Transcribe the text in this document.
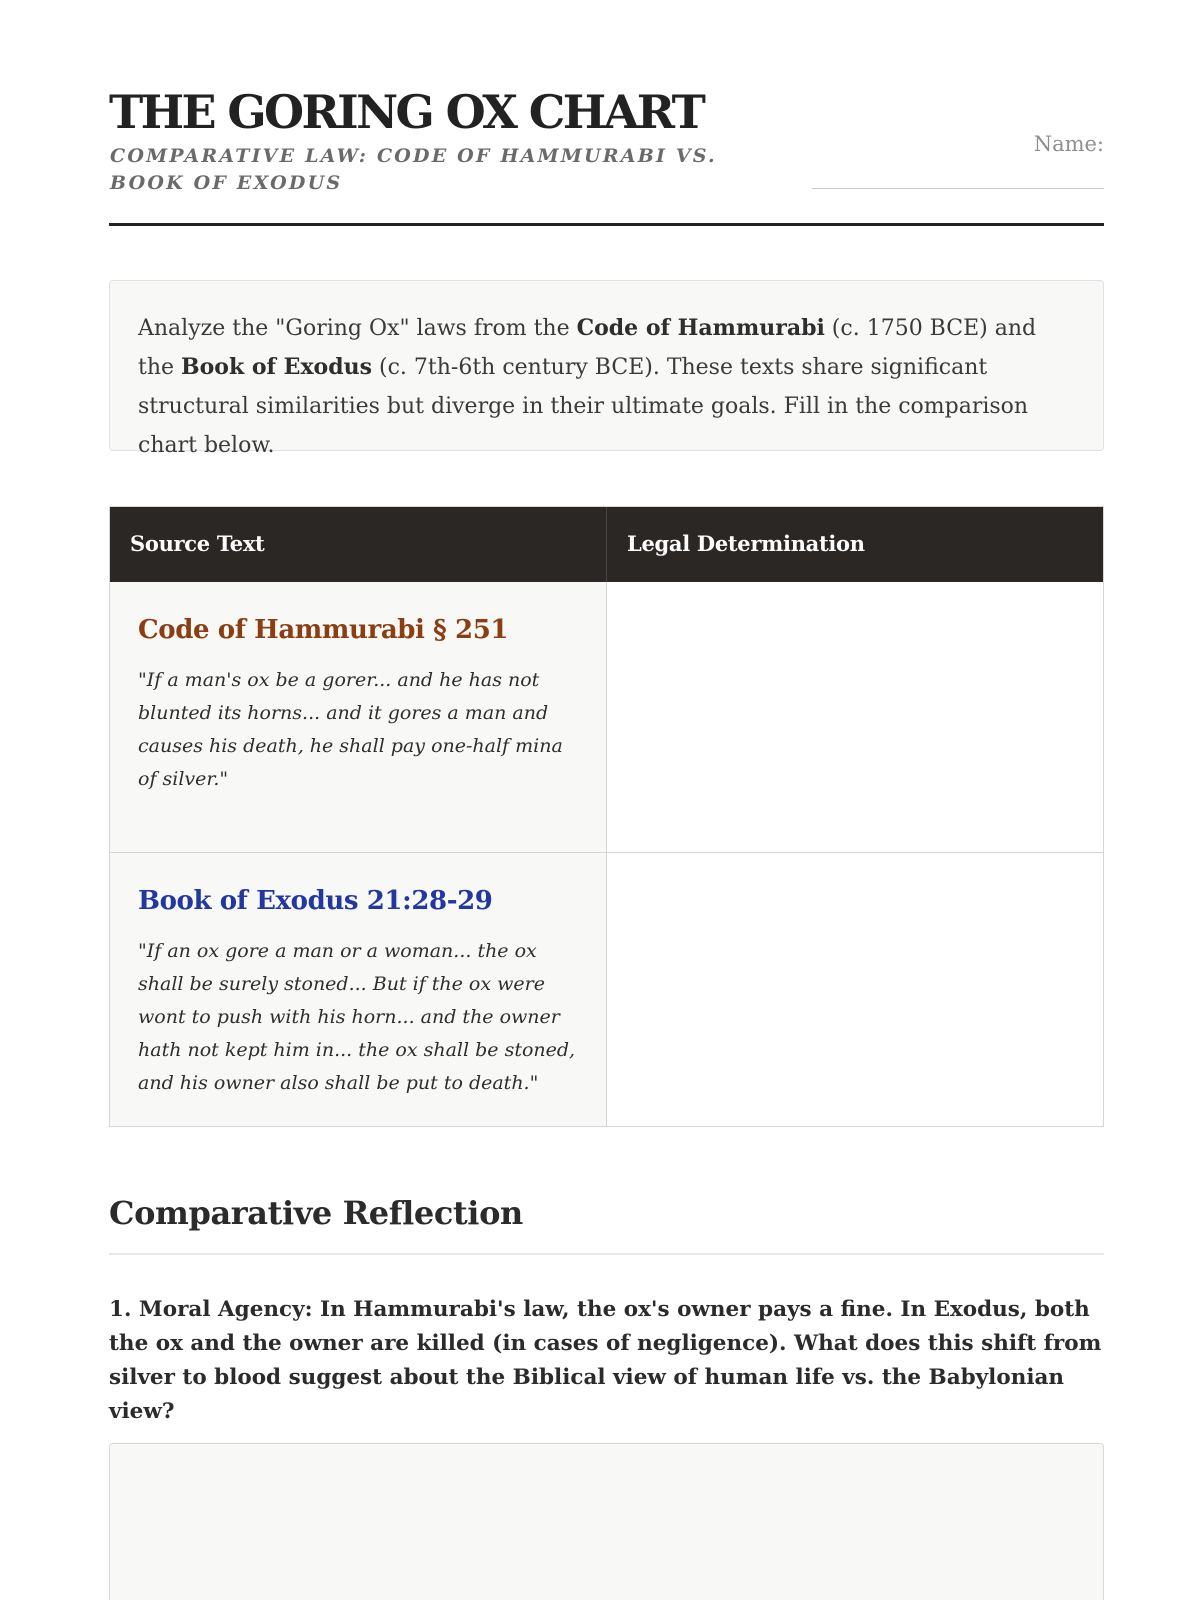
THE GORING OX CHART
COMPARATIVE LAW: CODE OF HAMMURABI VS. BOOK OF EXODUS
Name:
Analyze the "Goring Ox" laws from the Code of Hammurabi (c. 1750 BCE) and the Book of Exodus (c. 7th-6th century BCE). These texts share significant structural similarities but diverge in their ultimate goals. Fill in the comparison chart below.
Source Text	Legal Determination
Code of Hammurabi § 251
"If a man's ox be a gorer... and he has not blunted its horns... and it gores a man and causes his death, he shall pay one-half mina of silver."
Book of Exodus 21:28-29
"If an ox gore a man or a woman... the ox shall be surely stoned... But if the ox were wont to push with his horn... and the owner hath not kept him in... the ox shall be stoned, and his owner also shall be put to death."
Comparative Reflection
1. Moral Agency: In Hammurabi's law, the ox's owner pays a fine. In Exodus, both the ox and the owner are killed (in cases of negligence). What does this shift from silver to blood suggest about the Biblical view of human life vs. the Babylonian view?
